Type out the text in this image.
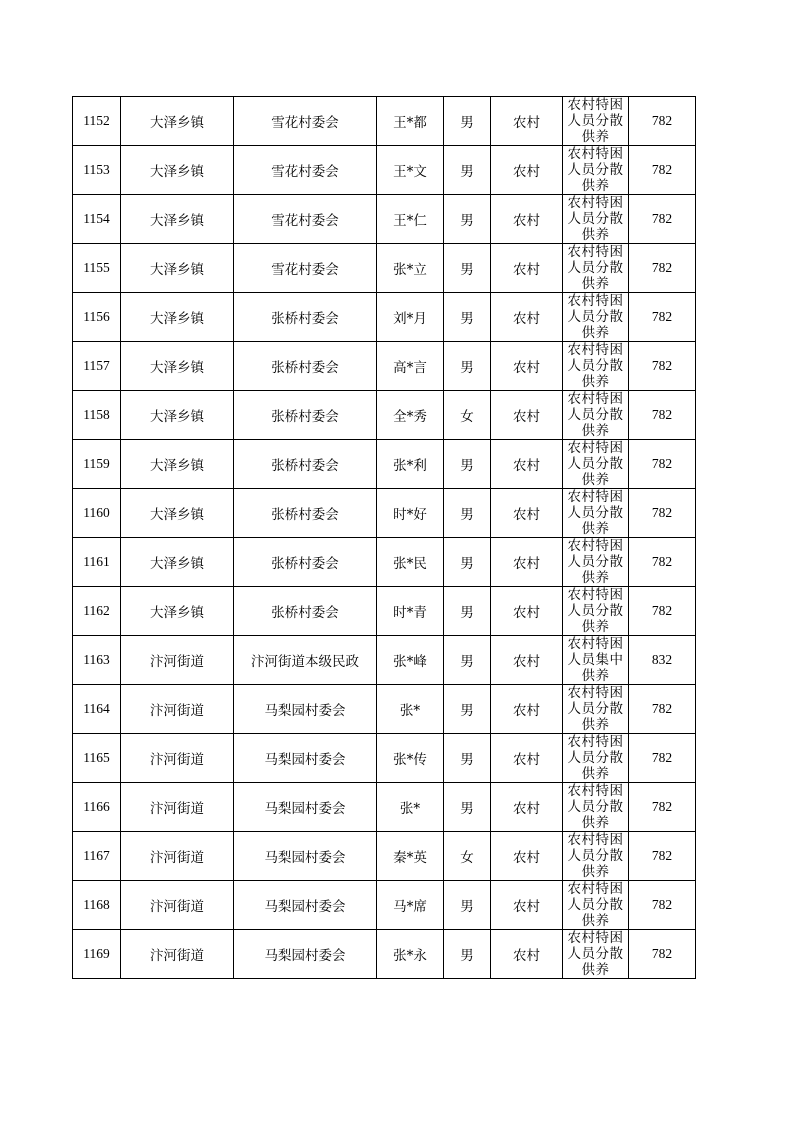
1152	大泽乡镇	雪花村委会	王*都	男	农村	农村特困人员分散供养	782
1153	大泽乡镇	雪花村委会	王*文	男	农村	农村特困人员分散供养	782
1154	大泽乡镇	雪花村委会	王*仁	男	农村	农村特困人员分散供养	782
1155	大泽乡镇	雪花村委会	张*立	男	农村	农村特困人员分散供养	782
1156	大泽乡镇	张桥村委会	刘*月	男	农村	农村特困人员分散供养	782
1157	大泽乡镇	张桥村委会	高*言	男	农村	农村特困人员分散供养	782
1158	大泽乡镇	张桥村委会	全*秀	女	农村	农村特困人员分散供养	782
1159	大泽乡镇	张桥村委会	张*利	男	农村	农村特困人员分散供养	782
1160	大泽乡镇	张桥村委会	时*好	男	农村	农村特困人员分散供养	782
1161	大泽乡镇	张桥村委会	张*民	男	农村	农村特困人员分散供养	782
1162	大泽乡镇	张桥村委会	时*青	男	农村	农村特困人员分散供养	782
1163	汴河街道	汴河街道本级民政	张*峰	男	农村	农村特困人员集中供养	832
1164	汴河街道	马梨园村委会	张*	男	农村	农村特困人员分散供养	782
1165	汴河街道	马梨园村委会	张*传	男	农村	农村特困人员分散供养	782
1166	汴河街道	马梨园村委会	张*	男	农村	农村特困人员分散供养	782
1167	汴河街道	马梨园村委会	秦*英	女	农村	农村特困人员分散供养	782
1168	汴河街道	马梨园村委会	马*席	男	农村	农村特困人员分散供养	782
1169	汴河街道	马梨园村委会	张*永	男	农村	农村特困人员分散供养	782
